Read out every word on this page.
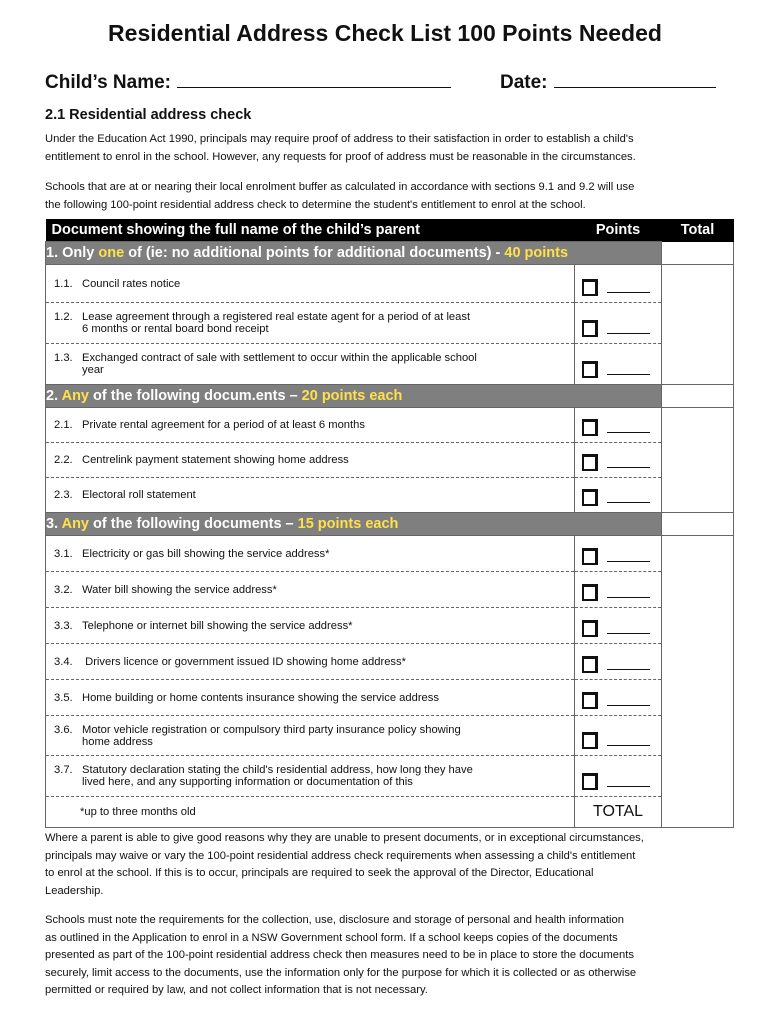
Residential Address Check List 100 Points Needed
Child’s Name:	Date:
2.1 Residential address check
Under the Education Act 1990, principals may require proof of address to their satisfaction in order to establish a child's
entitlement to enrol in the school. However, any requests for proof of address must be reasonable in the circumstances.
Schools that are at or nearing their local enrolment buffer as calculated in accordance with sections 9.1 and 9.2 will use
the following 100-point residential address check to determine the student's entitlement to enrol at the school.
Document showing the full name of the child’s parent	Points	Total
1. Only one of (ie: no additional points for additional documents) - 40 points		
1.1. Council rates notice		
1.2. Lease agreement through a registered real estate agent for a period of at least
6 months or rental board bond receipt		

1.3. Exchanged contract of sale with settlement to occur within the applicable school
year		

2. Any of the following docum.ents – 20 points each		
2.1. Private rental agreement for a period of at least 6 months		
2.2. Centrelink payment statement showing home address		
2.3. Electoral roll statement		
3. Any of the following documents – 15 points each		
3.1. Electricity or gas bill showing the service address*		
3.2. Water bill showing the service address*		
3.3. Telephone or internet bill showing the service address*		
3.4. Drivers licence or government issued ID showing home address*		
3.5. Home building or home contents insurance showing the service address		
3.6. Motor vehicle registration or compulsory third party insurance policy showing
home address		

3.7. Statutory declaration stating the child's residential address, how long they have
lived here, and any supporting information or documentation of this		

*up to three months old	TOTAL	
Where a parent is able to give good reasons why they are unable to present documents, or in exceptional circumstances,
principals may waive or vary the 100-point residential address check requirements when assessing a child's entitlement
to enrol at the school. If this is to occur, principals are required to seek the approval of the Director, Educational
Leadership.
Schools must note the requirements for the collection, use, disclosure and storage of personal and health information
as outlined in the Application to enrol in a NSW Government school form. If a school keeps copies of the documents
presented as part of the 100-point residential address check then measures need to be in place to store the documents
securely, limit access to the documents, use the information only for the purpose for which it is collected or as otherwise
permitted or required by law, and not collect information that is not necessary.
